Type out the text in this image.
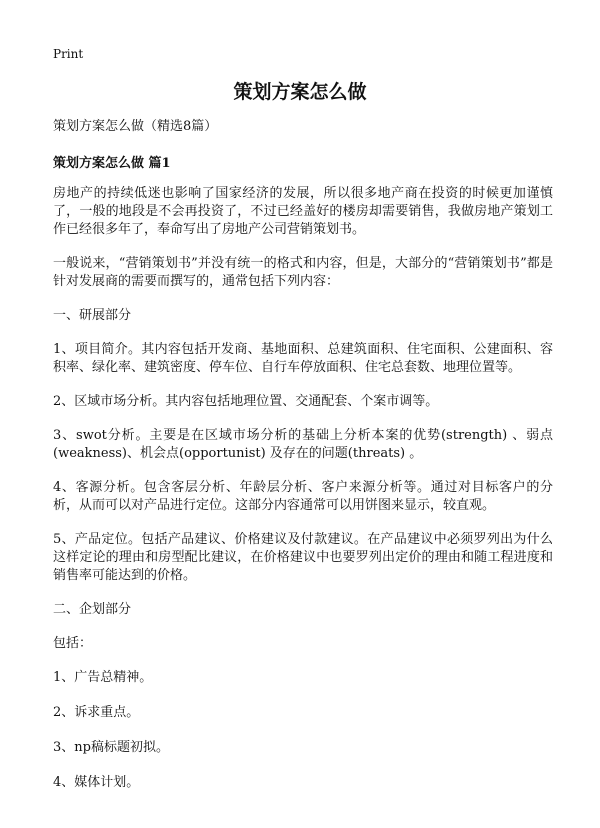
Print
策划方案怎么做

策划方案怎么做（精选8篇）

策划方案怎么做 篇1

房地产的持续低迷也影响了国家经济的发展，所以很多地产商在投资的时候更加谨慎了，一般的地段是不会再投资了，不过已经盖好的楼房却需要销售，我做房地产策划工作已经很多年了，奉命写出了房地产公司营销策划书。

一般说来，“营销策划书”并没有统一的格式和内容，但是，大部分的“营销策划书”都是针对发展商的需要而撰写的，通常包括下列内容：

一、研展部分

1、项目简介。其内容包括开发商、基地面积、总建筑面积、住宅面积、公建面积、容积率、绿化率、建筑密度、停车位、自行车停放面积、住宅总套数、地理位置等。

2、区域市场分析。其内容包括地理位置、交通配套、个案市调等。

3、swot分析。主要是在区域市场分析的基础上分析本案的优势(strength) 、弱点(weakness)、机会点(opportunist) 及存在的问题(threats) 。

4、客源分析。包含客层分析、年龄层分析、客户来源分析等。通过对目标客户的分析，从而可以对产品进行定位。这部分内容通常可以用饼图来显示，较直观。

5、产品定位。包括产品建议、价格建议及付款建议。在产品建议中必须罗列出为什么这样定论的理由和房型配比建议，在价格建议中也要罗列出定价的理由和随工程进度和销售率可能达到的价格。

二、企划部分

包括：

1、广告总精神。

2、诉求重点。

3、np稿标题初拟。

4、媒体计划。
